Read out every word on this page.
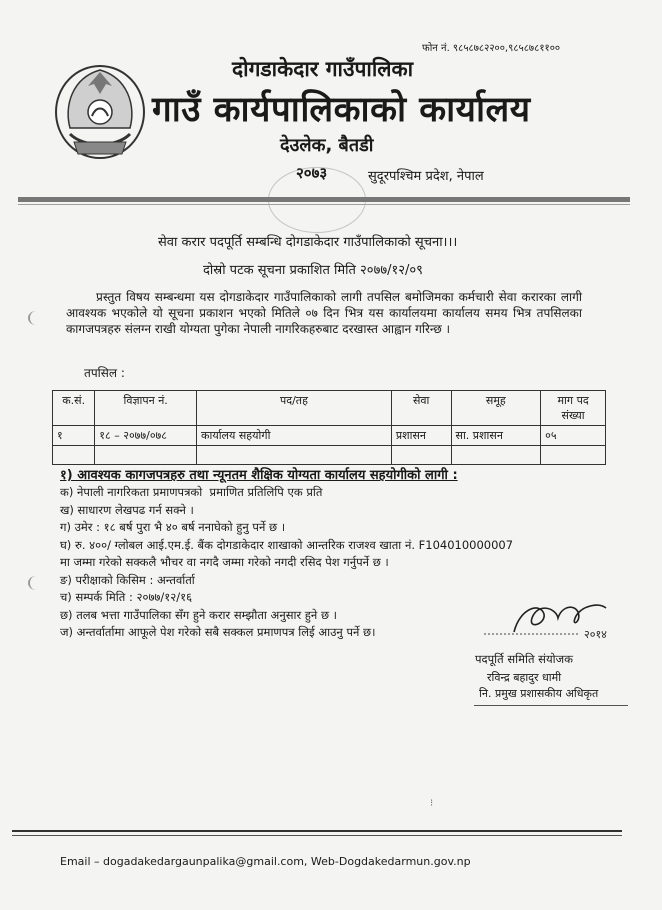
फोन नं. ९८५८७८२२००,९८५८७८११००
दोगडाकेदार गाउँपालिका
गाउँ कार्यपालिकाको कार्यालय
देउलेक, बैतडी
२०७३	सुदूरपश्चिम प्रदेश, नेपाल
सेवा करार पदपूर्ति सम्बन्धि दोगडाकेदार गाउँपालिकाको सूचना।।।
दोस्रो पटक सूचना प्रकाशित मिति २०७७/१२/०९

प्रस्तुत विषय सम्बन्धमा यस दोगडाकेदार गाउँपालिकाको लागी तपसिल बमोजिमका कर्मचारी सेवा करारका लागी आवश्यक भएकोले यो सूचना प्रकाशन भएको मितिले ०७ दिन भित्र यस कार्यालयमा कार्यालय समय भित्र तपसिलका कागजपत्रहरु संलग्न राखी योग्यता पुगेका नेपाली नागरिकहरुबाट दरखास्त आह्वान गरिन्छ ।

तपसिल :
क.सं.	विज्ञापन नं.	पद/तह	सेवा	समूह	माग पद संख्या
१	१८ – २०७७/०७८	कार्यालय सहयोगी	प्रशासन	सा. प्रशासन	०५

१) आवश्यक कागजपत्रहरु तथा न्यूनतम शैक्षिक योग्यता कार्यालय सहयोगीको लागी :
क) नेपाली नागरिकता प्रमाणपत्रको  प्रमाणित प्रतिलिपि एक प्रति
ख) साधारण लेखपढ गर्न सक्ने ।
ग) उमेर : १८ बर्ष पुरा भै ४० बर्ष ननाघेको हुनु पर्ने छ ।
घ) रु. ४००/ ग्लोबल आई.एम.ई. बैंक दोगडाकेदार शाखाको आन्तरिक राजश्व खाता नं. F104010000007
मा जम्मा गरेको सक्कलै भौचर वा नगदै जम्मा गरेको नगदी रसिद पेश गर्नुपर्ने छ ।
ङ) परीक्षाको किसिम : अन्तर्वार्ता
च) सम्पर्क मिति : २०७७/१२/१६
छ) तलब भत्ता गाउँपालिका सँग हुने करार सम्झौता अनुसार हुने छ ।
ज) अन्तर्वार्तामा आफूले पेश गरेको सबै सक्कल प्रमाणपत्र लिई आउनु पर्ने छ।	२०१४
पदपूर्ति समिति संयोजक
रविन्द्र बहादुर धामी
नि. प्रमुख प्रशासकीय अधिकृत
⁝
Email – dogadakedargaunpalika@gmail.com, Web-Dogdakedarmun.gov.np
